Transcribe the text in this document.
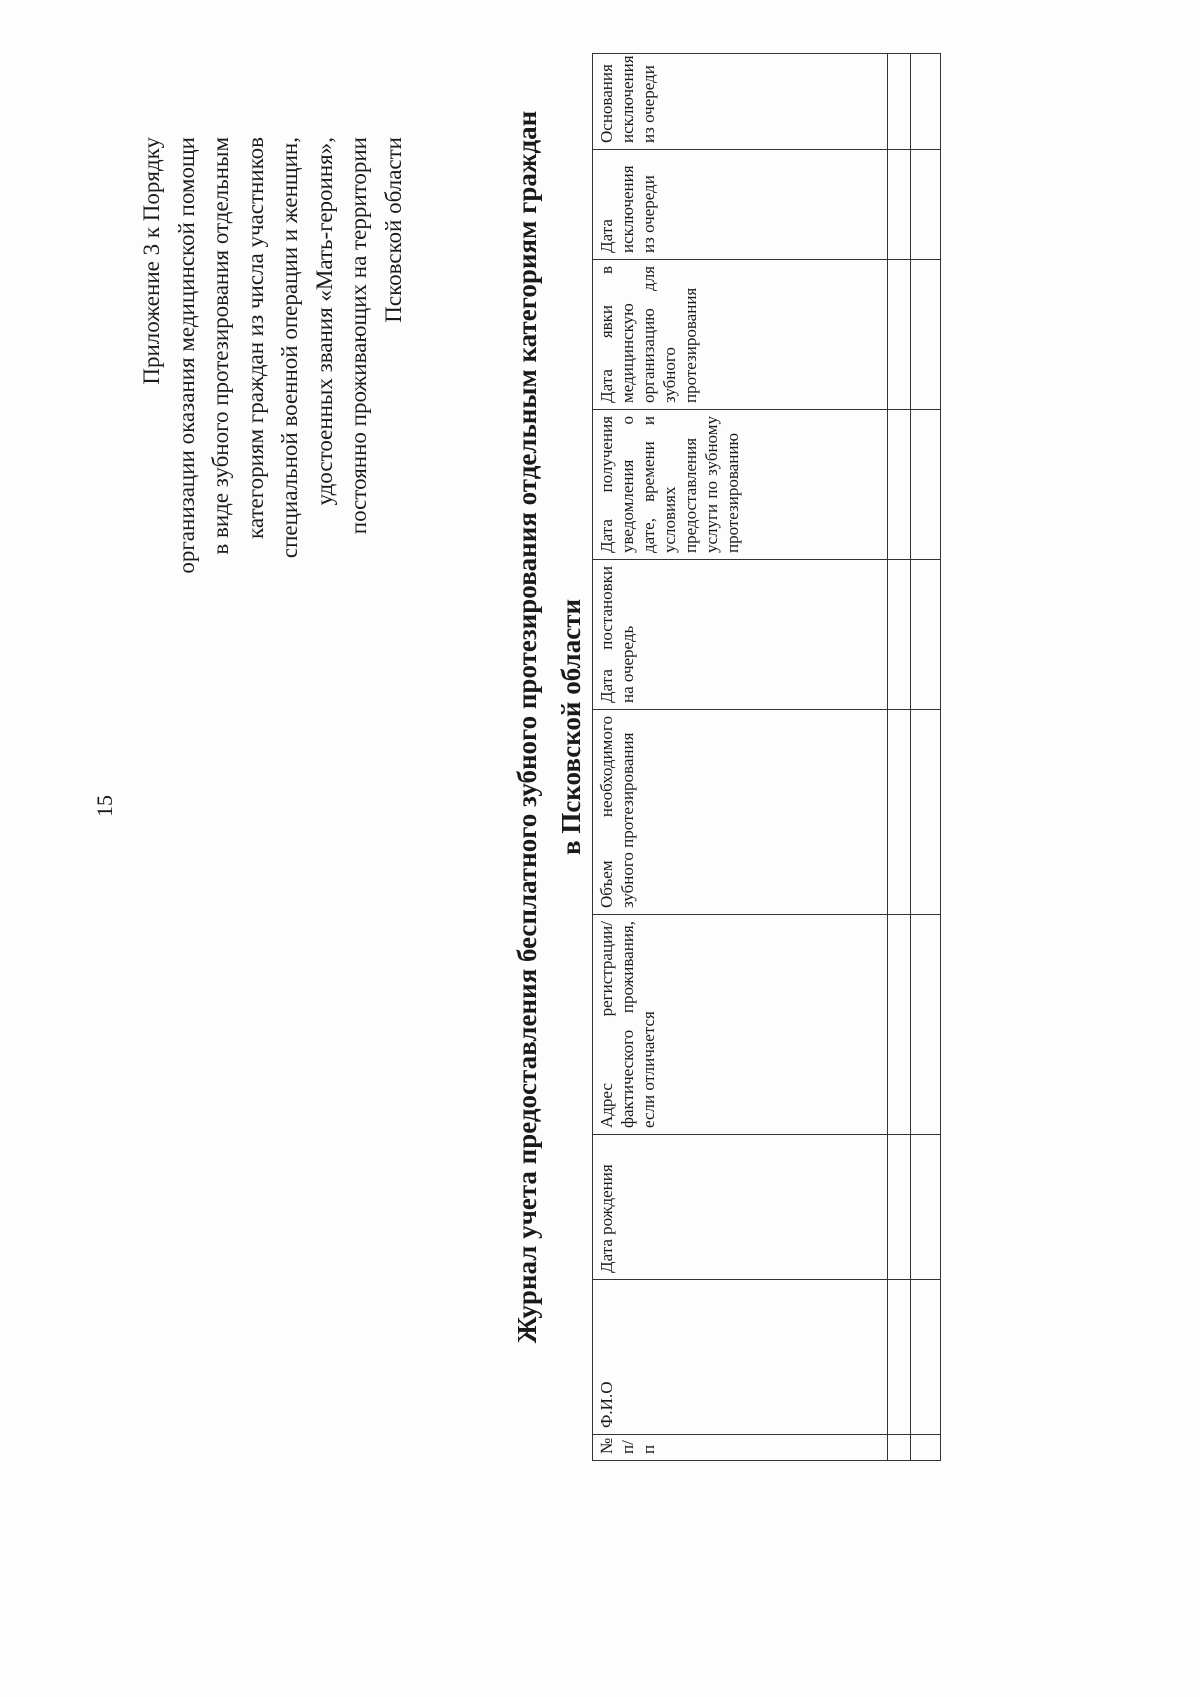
15
Приложение 3 к Порядку организации оказания медицинской помощи в виде зубного протезирования отдельным категориям граждан из числа участников специальной военной операции и женщин, удостоенных звания «Мать-героиня», постоянно проживающих на территории Псковской области	Журнал учета предоставления бесплатного зубного протезирования отдельным категориям граждан в Псковской области
№ п/п	Ф.И.О	Дата рождения	Адрес регистрации/ фактического проживания, если отличается	Объем необходимого зубного протезирования	Дата постановки на очередь	Дата получения уведомления о дате, времени и условиях предоставления услуги по зубному протезированию	Дата явки в медицинскую организацию для зубного протезирования	Дата исключения из очереди	Основания исключения из очереди
